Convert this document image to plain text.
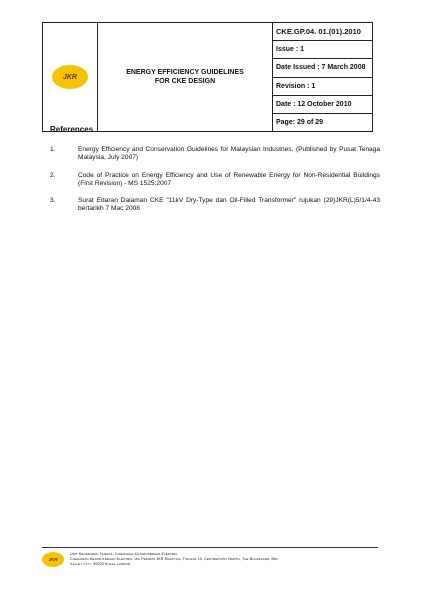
JKR
ENERGY EFFICIENCY GUIDELINES
FOR CKE DESIGN
CKE.GP.04. 01.(01).2010
Issue : 1
Date Issued : 7 March 2008
Revision : 1
Date : 12 October 2010
Page: 29 of 29
References
1.	Energy Efficiency and Conservation Guidelines for Malaysian Industries. (Published by Pusat Tenaga Malaysia, July 2007)
2.	Code of Practice on Energy Efficiency and Use of Renewable Energy for Non-Residential Buildings (First Revision) - MS 1525:2007
3.	Surat Edaran Dalaman CKE "11kV Dry-Type dan Oil-Filled Transformer" rujukan (29)JKR(L)5/1/4-43 bertarikh 7 Mac 2008
JKR
Unit Kecekapan Tenaga, Cawangan Kejuruteraan Elektrik,
Cawangan Kejuruteraan Elektrik, Ibu Pejabat JKR Malaysia, Tingkat 10, Centrepoint North, The Boulevard, Mid
Valley City, 59200 Kuala Lumpur
